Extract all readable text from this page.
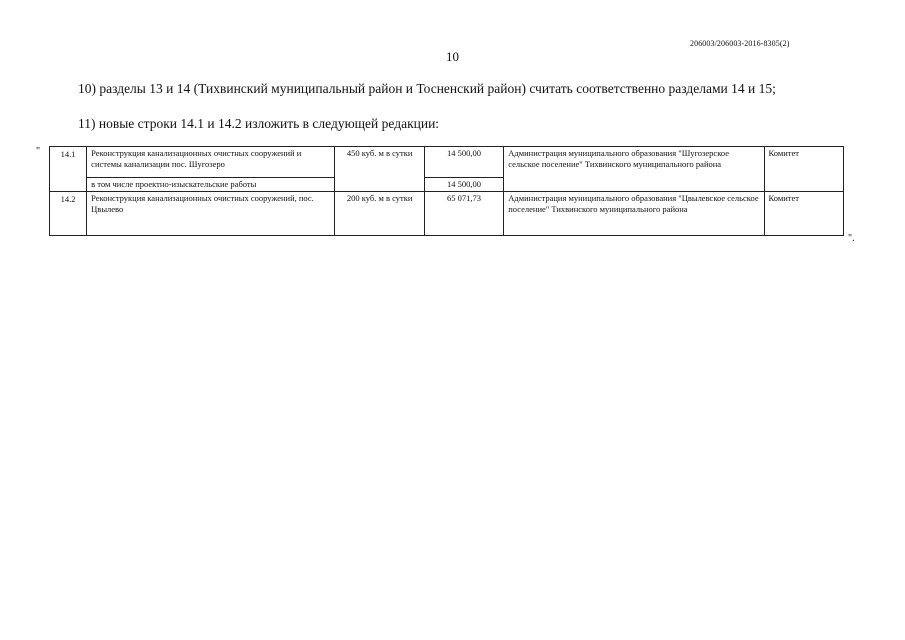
206003/206003-2016-8305(2)
10
10) разделы 13 и 14 (Тихвинский муниципальный район и Тосненский район) считать соответственно разделами 14 и 15;
11) новые строки 14.1 и 14.2 изложить в следующей редакции:
" 14.1	Реконструкция канализационных очистных сооружений и системы канализации пос. Шугозеро	450 куб. м в сутки	14 500,00	Администрация муниципального образования "Шугозерское сельское поселение" Тихвинского муниципального района	Комитет
	в том числе проектно-изыскательские работы		14 500,00		
14.2	Реконструкция канализационных очистных сооружений, пос. Цвылево	200 куб. м в сутки	65 071,73	Администрация муниципального образования "Цвылевское сельское поселение" Тихвинского муниципального района	Комитет
".
